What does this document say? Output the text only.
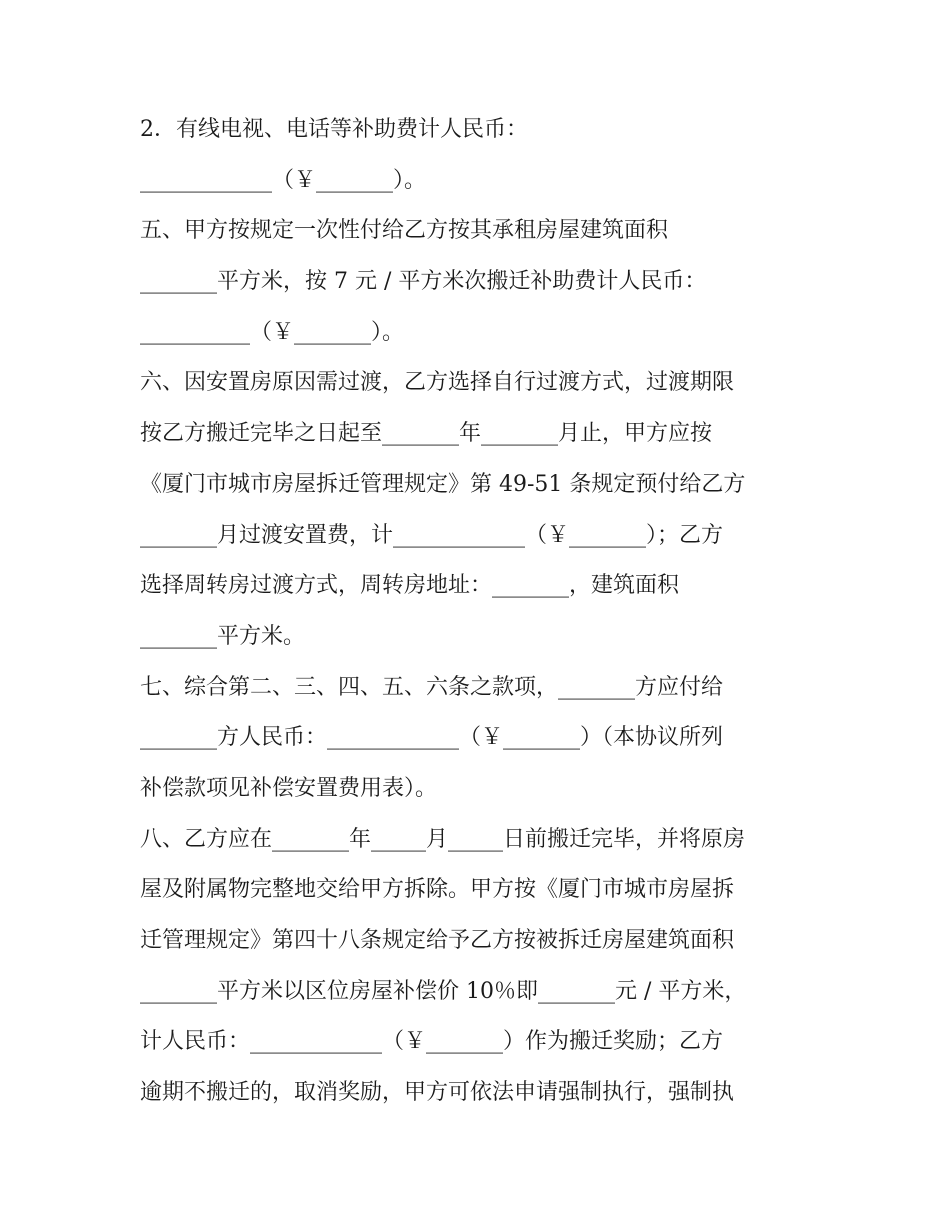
2．有线电视、电话等补助费计人民币：
____________（￥_______）。
五、甲方按规定一次性付给乙方按其承租房屋建筑面积
_______平方米，按 7 元 / 平方米次搬迁补助费计人民币：
__________（￥_______）。
六、因安置房原因需过渡，乙方选择自行过渡方式，过渡期限
按乙方搬迁完毕之日起至_______年_______月止，甲方应按
《厦门市城市房屋拆迁管理规定》第 49-51 条规定预付给乙方
_______月过渡安置费，计____________（￥_______）；乙方
选择周转房过渡方式，周转房地址：_______，建筑面积
_______平方米。
七、综合第二、三、四、五、六条之款项，_______方应付给
_______方人民币：____________（￥_______）（本协议所列
补偿款项见补偿安置费用表）。
八、乙方应在_______年_____月_____日前搬迁完毕，并将原房
屋及附属物完整地交给甲方拆除。甲方按《厦门市城市房屋拆
迁管理规定》第四十八条规定给予乙方按被拆迁房屋建筑面积
_______平方米以区位房屋补偿价 10％即_______元 / 平方米，
计人民币：____________（￥_______）作为搬迁奖励；乙方
逾期不搬迁的，取消奖励，甲方可依法申请强制执行，强制执
